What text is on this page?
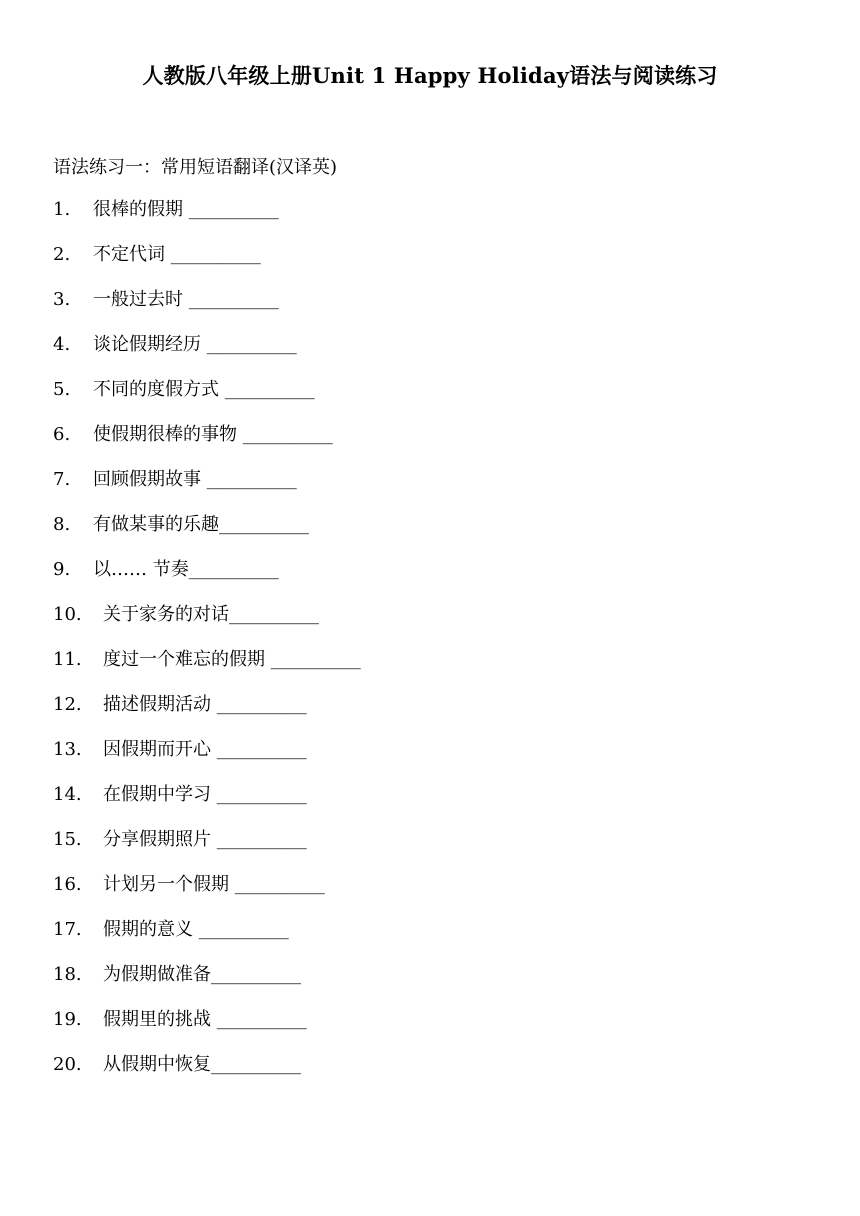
人教版八年级上册Unit 1 Happy Holiday语法与阅读练习
语法练习一：常用短语翻译(汉译英)
1.	很棒的假期 __________
2.	不定代词 __________
3.	一般过去时 __________
4.	谈论假期经历 __________
5.	不同的度假方式 __________
6.	使假期很棒的事物 __________
7.	回顾假期故事 __________
8.	有做某事的乐趣__________
9.	以…… 节奏__________
10.	关于家务的对话__________
11.	度过一个难忘的假期 __________
12.	描述假期活动 __________
13.	因假期而开心 __________
14.	在假期中学习 __________
15.	分享假期照片 __________
16.	计划另一个假期 __________
17.	假期的意义 __________
18.	为假期做准备__________
19.	假期里的挑战 __________
20.	从假期中恢复__________
